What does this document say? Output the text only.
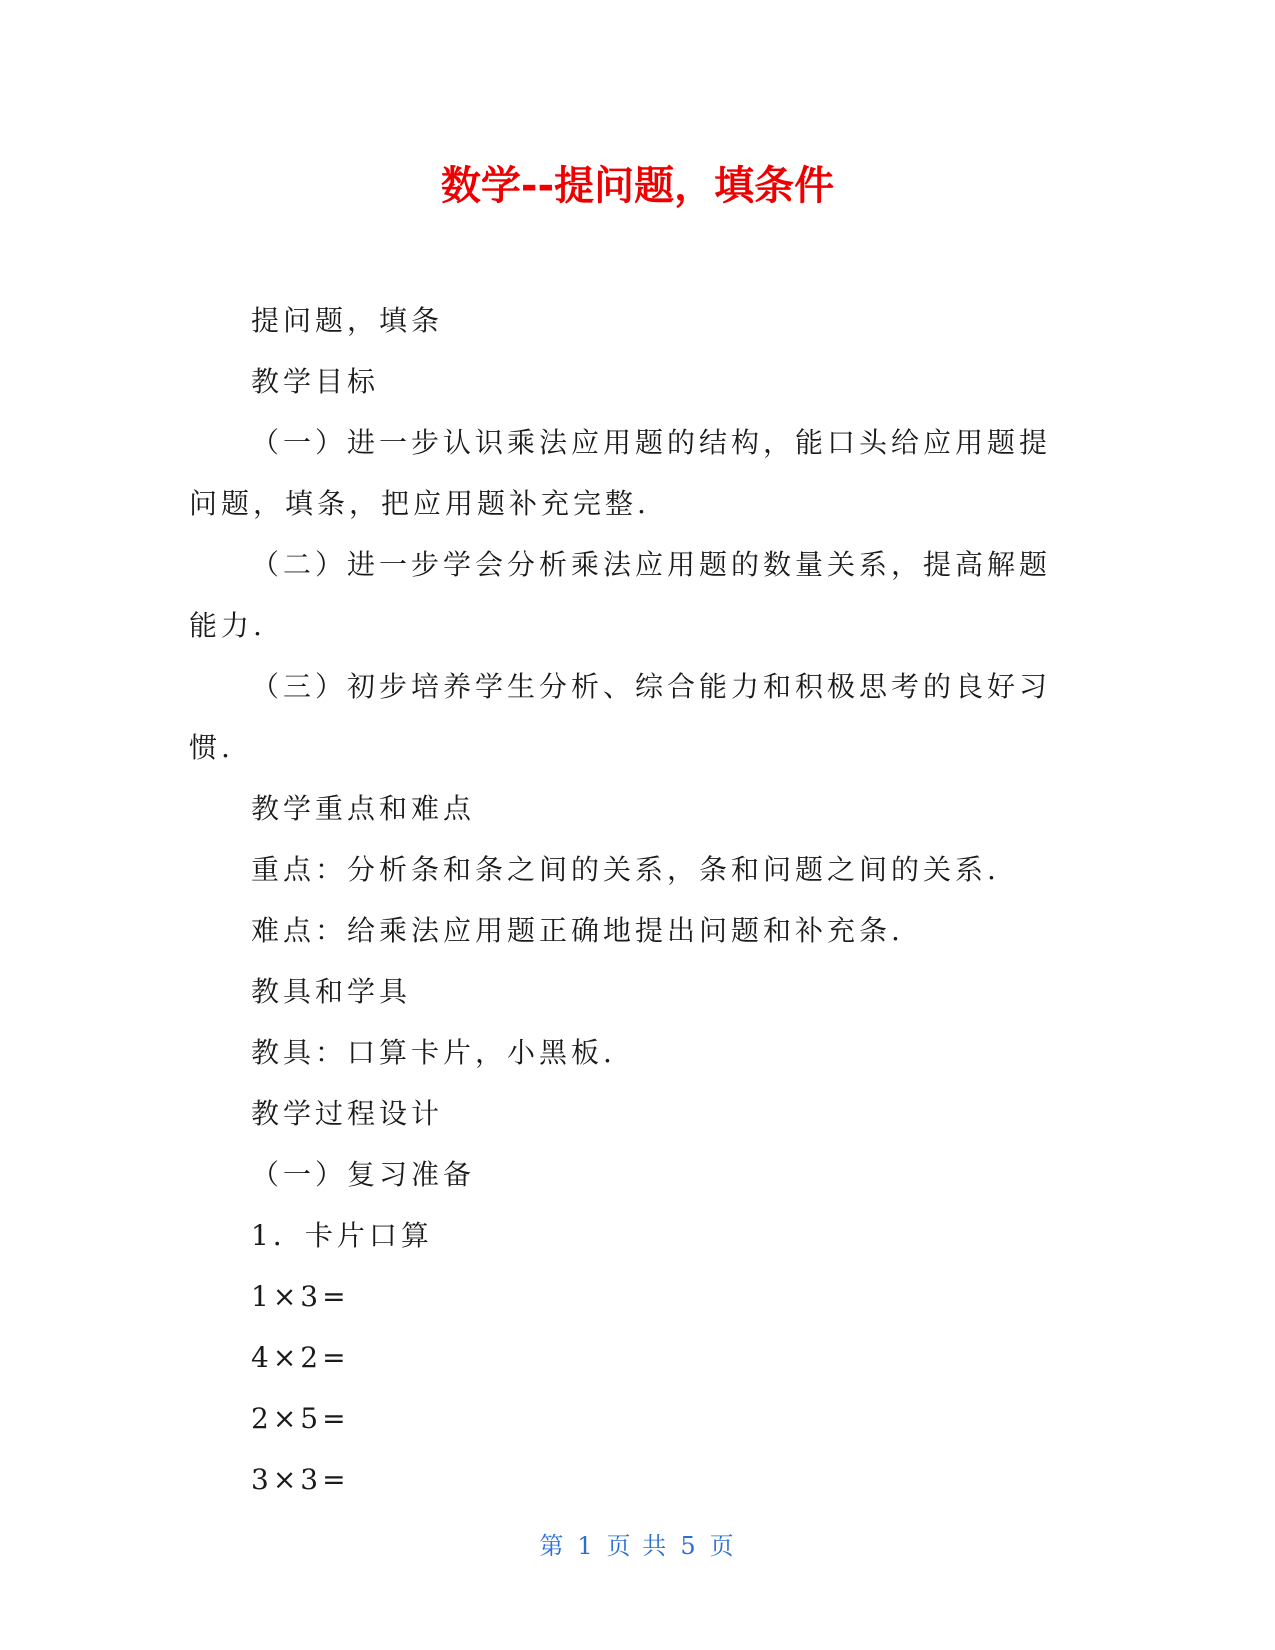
数学--提问题，填条件

提问题，填条

教学目标

（一）进一步认识乘法应用题的结构，能口头给应用题提问题，填条，把应用题补充完整.

（二）进一步学会分析乘法应用题的数量关系，提高解题能力.

（三）初步培养学生分析、综合能力和积极思考的良好习惯.

教学重点和难点

重点：分析条和条之间的关系，条和问题之间的关系.

难点：给乘法应用题正确地提出问题和补充条.

教具和学具

教具：口算卡片，小黑板.

教学过程设计

（一）复习准备

1．卡片口算

1×3=

4×2=

2×5=

3×3=

第 1 页 共 5 页
